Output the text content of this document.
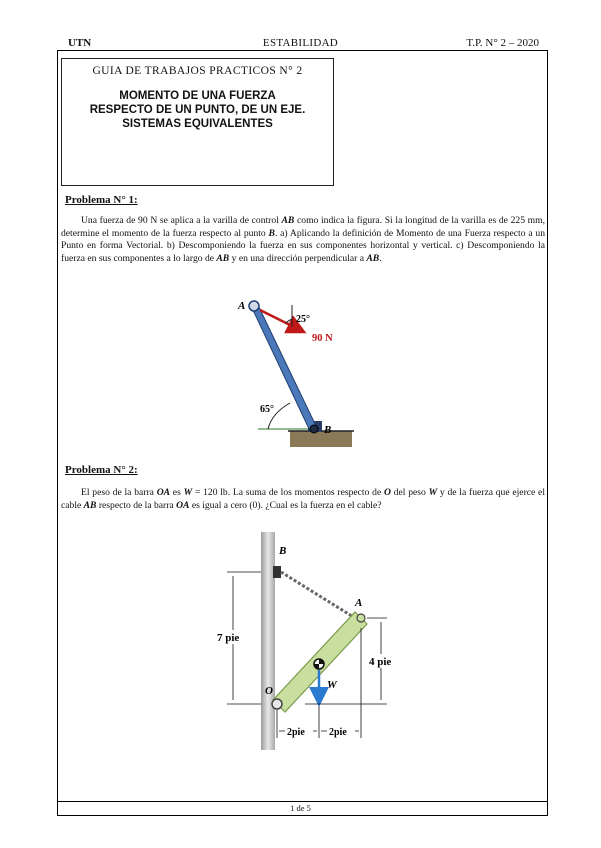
UTN	ESTABILIDAD	T.P. N° 2 – 2020
GUIA DE TRABAJOS PRACTICOS N° 2
MOMENTO DE UNA FUERZA
RESPECTO DE UN PUNTO, DE UN EJE.
SISTEMAS EQUIVALENTES
Problema N° 1:
Una fuerza de 90 N se aplica a la varilla de control AB como indica la figura. Si la longitud de la varilla es de 225 mm, determine el momento de la fuerza respecto al punto B. a) Aplicando la definición de Momento de una Fuerza respecto a un Punto en forma Vectorial. b) Descomponiendo la fuerza en sus componentes horizontal y vertical. c) Descomponiendo la fuerza en sus componentes a lo largo de AB y en una dirección perpendicular a AB.
A
B
25°
90 N
65°
Problema N° 2:
El peso de la barra OA es W = 120 lb. La suma de los momentos respecto de O del peso W y de la fuerza que ejerce el cable AB respecto de la barra OA es igual a cero (0). ¿Cual es la fuerza en el cable?
B
A
O	W
7 pie
4 pie
2pie 2pie
1 de 5
